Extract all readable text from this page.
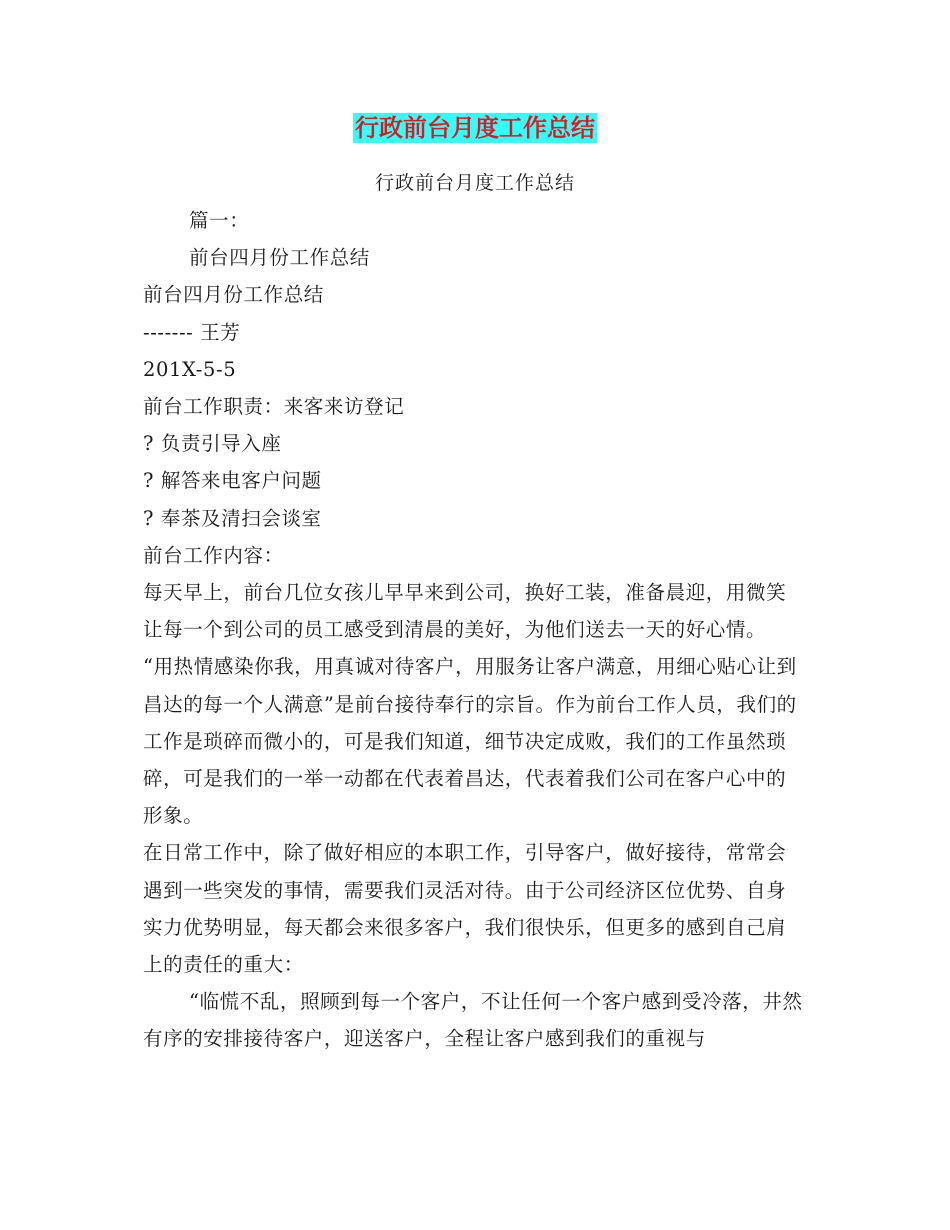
行政前台月度工作总结
行政前台月度工作总结
篇一：
前台四月份工作总结
前台四月份工作总结
------- 王芳
201X-5-5
前台工作职责：来客来访登记
? 负责引导入座
? 解答来电客户问题
? 奉茶及清扫会谈室
前台工作内容：
每天早上，前台几位女孩儿早早来到公司，换好工装，准备晨迎，用微笑让每一个到公司的员工感受到清晨的美好，为他们送去一天的好心情。
“用热情感染你我，用真诚对待客户，用服务让客户满意，用细心贴心让到昌达的每一个人满意”是前台接待奉行的宗旨。作为前台工作人员，我们的工作是琐碎而微小的，可是我们知道，细节决定成败，我们的工作虽然琐碎，可是我们的一举一动都在代表着昌达，代表着我们公司在客户心中的形象。
在日常工作中，除了做好相应的本职工作，引导客户，做好接待，常常会遇到一些突发的事情，需要我们灵活对待。由于公司经济区位优势、自身实力优势明显，每天都会来很多客户，我们很快乐，但更多的感到自己肩上的责任的重大：
“临慌不乱，照顾到每一个客户，不让任何一个客户感到受冷落，井然有序的安排接待客户，迎送客户，全程让客户感到我们的重视与
